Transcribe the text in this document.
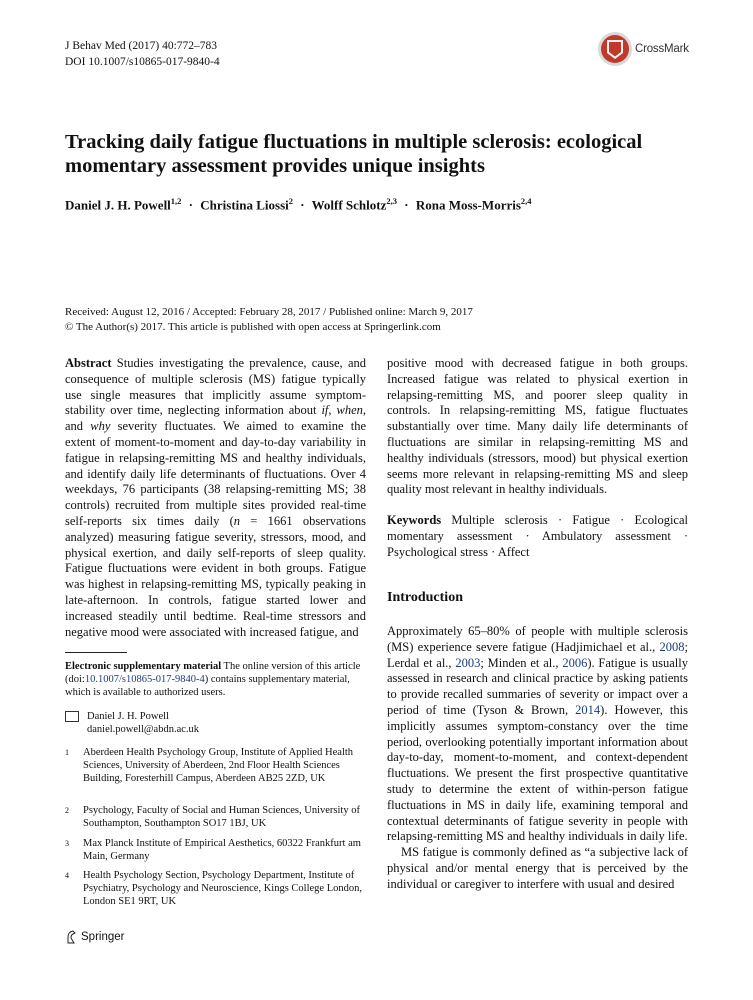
J Behav Med (2017) 40:772–783
DOI 10.1007/s10865-017-9840-4
CrossMark
Tracking daily fatigue fluctuations in multiple sclerosis: ecological momentary assessment provides unique insights
Daniel J. H. Powell$^{1,2}$ · Christina Liossi$^2$ · Wolff Schlotz$^{2,3}$ · Rona Moss-Morris$^{2,4}$
Received: August 12, 2016 / Accepted: February 28, 2017 / Published online: March 9, 2017
© The Author(s) 2017. This article is published with open access at Springerlink.com

Abstract Studies investigating the prevalence, cause, and consequence of multiple sclerosis (MS) fatigue typically use single measures that implicitly assume symptom-stability over time, neglecting information about if, when, and why severity fluctuates. We aimed to examine the extent of moment-to-moment and day-to-day variability in fatigue in relapsing-remitting MS and healthy individuals, and identify daily life determinants of fluctuations. Over 4 weekdays, 76 participants (38 relapsing-remitting MS; 38 controls) recruited from multiple sites provided real-time self-reports six times daily (n = 1661 observations analyzed) measuring fatigue severity, stressors, mood, and physical exertion, and daily self-reports of sleep quality. Fatigue fluctuations were evident in both groups. Fatigue was highest in relapsing-remitting MS, typically peaking in late-afternoon. In controls, fatigue started lower and increased steadily until bedtime. Real-time stressors and negative mood were associated with increased fatigue, and

Electronic supplementary material The online version of this article (doi:10.1007/s10865-017-9840-4) contains supplementary material, which is available to authorized users.
Daniel J. H. Powell
daniel.powell@abdn.ac.uk
1 Aberdeen Health Psychology Group, Institute of Applied Health Sciences, University of Aberdeen, 2nd Floor Health Sciences Building, Foresterhill Campus, Aberdeen AB25 2ZD, UK
2 Psychology, Faculty of Social and Human Sciences, University of Southampton, Southampton SO17 1BJ, UK
3 Max Planck Institute of Empirical Aesthetics, 60322 Frankfurt am Main, Germany
4 Health Psychology Section, Psychology Department, Institute of Psychiatry, Psychology and Neuroscience, Kings College London, London SE1 9RT, UK

positive mood with decreased fatigue in both groups. Increased fatigue was related to physical exertion in relapsing-remitting MS, and poorer sleep quality in controls. In relapsing-remitting MS, fatigue fluctuates substantially over time. Many daily life determinants of fluctuations are similar in relapsing-remitting MS and healthy individuals (stressors, mood) but physical exertion seems more relevant in relapsing-remitting MS and sleep quality most relevant in healthy individuals.

Keywords Multiple sclerosis · Fatigue · Ecological momentary assessment · Ambulatory assessment · Psychological stress · Affect

Introduction

Approximately 65–80% of people with multiple sclerosis (MS) experience severe fatigue (Hadjimichael et al., 2008; Lerdal et al., 2003; Minden et al., 2006). Fatigue is usually assessed in research and clinical practice by asking patients to provide recalled summaries of severity or impact over a period of time (Tyson & Brown, 2014). However, this implicitly assumes symptom-constancy over the time period, overlooking potentially important information about day-to-day, moment-to-moment, and context-dependent fluctuations. We present the first prospective quantitative study to determine the extent of within-person fatigue fluctuations in MS in daily life, examining temporal and contextual determinants of fatigue severity in people with relapsing-remitting MS and healthy individuals in daily life.

MS fatigue is commonly defined as “a subjective lack of physical and/or mental energy that is perceived by the individual or caregiver to interfere with usual and desired

Springer
